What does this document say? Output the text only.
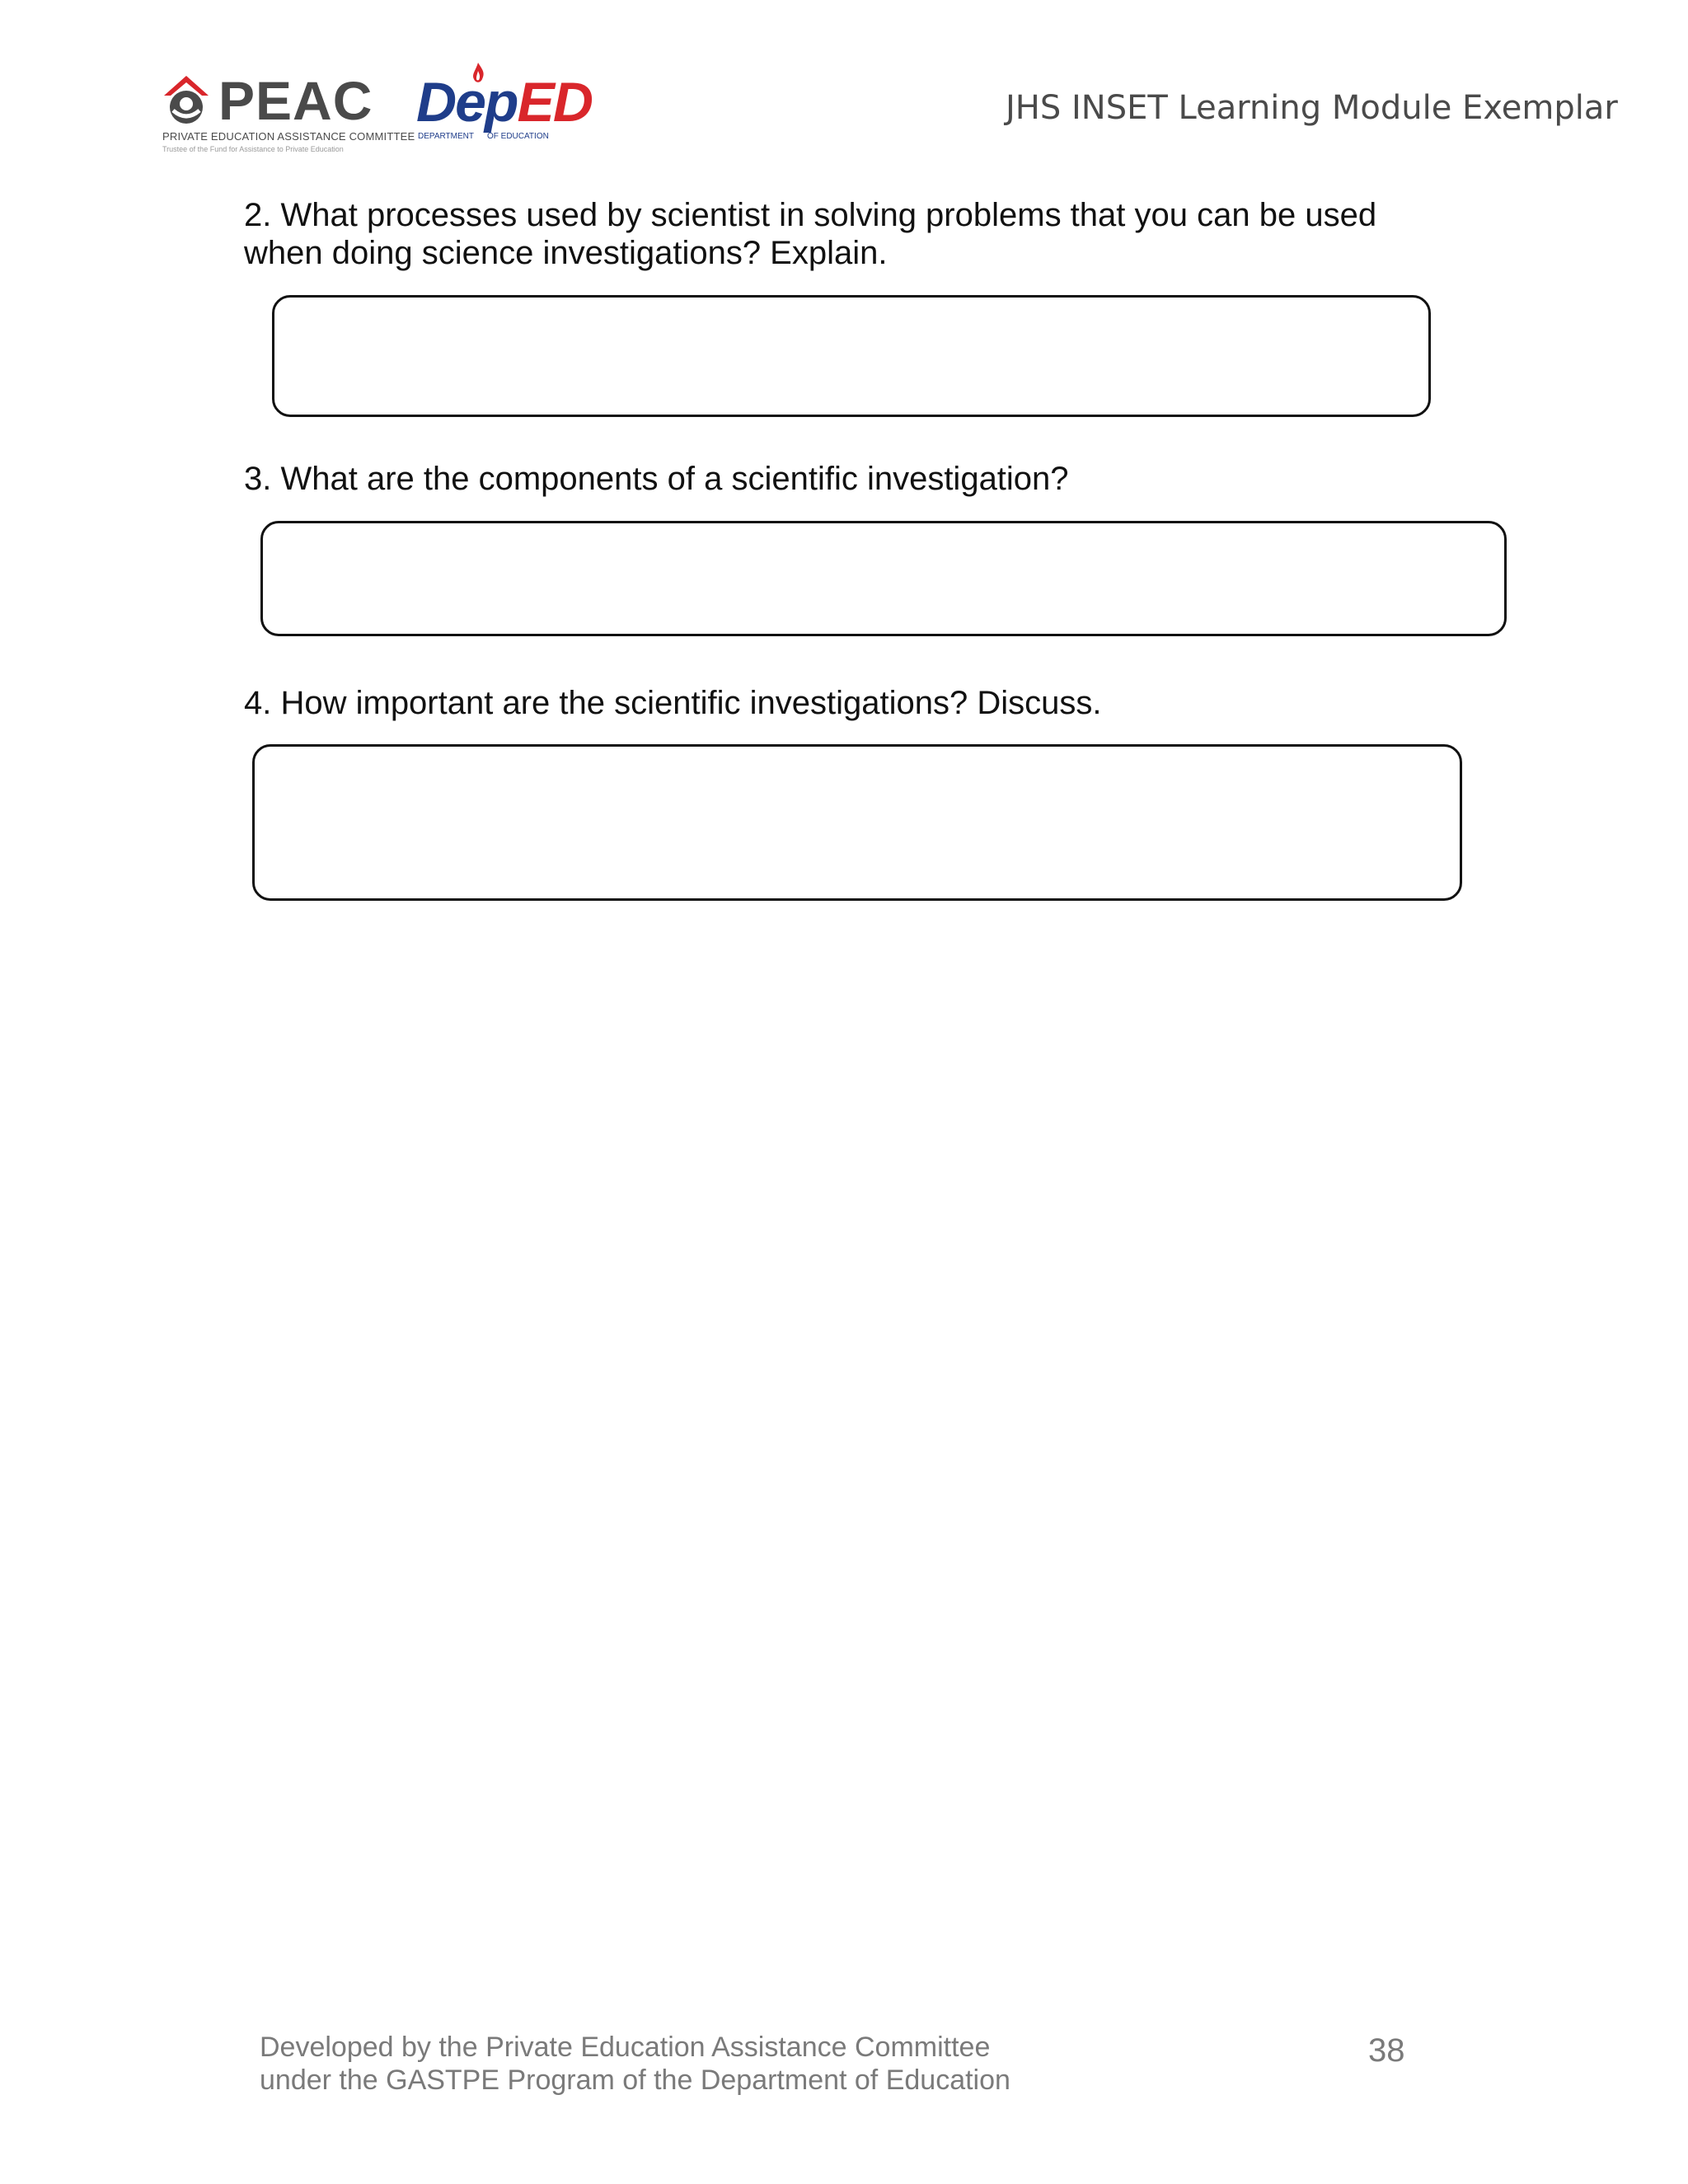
PEAC
PRIVATE EDUCATION ASSISTANCE COMMITTEE
Trustee of the Fund for Assistance to Private Education
DepED
DEPARTMENT OF EDUCATION
JHS INSET Learning Module Exemplar
2. What processes used by scientist in solving problems that you can be used
when doing science investigations? Explain.
3. What are the components of a scientific investigation?
4. How important are the scientific investigations? Discuss.
Developed by the Private Education Assistance Committee
under the GASTPE Program of the Department of Education
38
